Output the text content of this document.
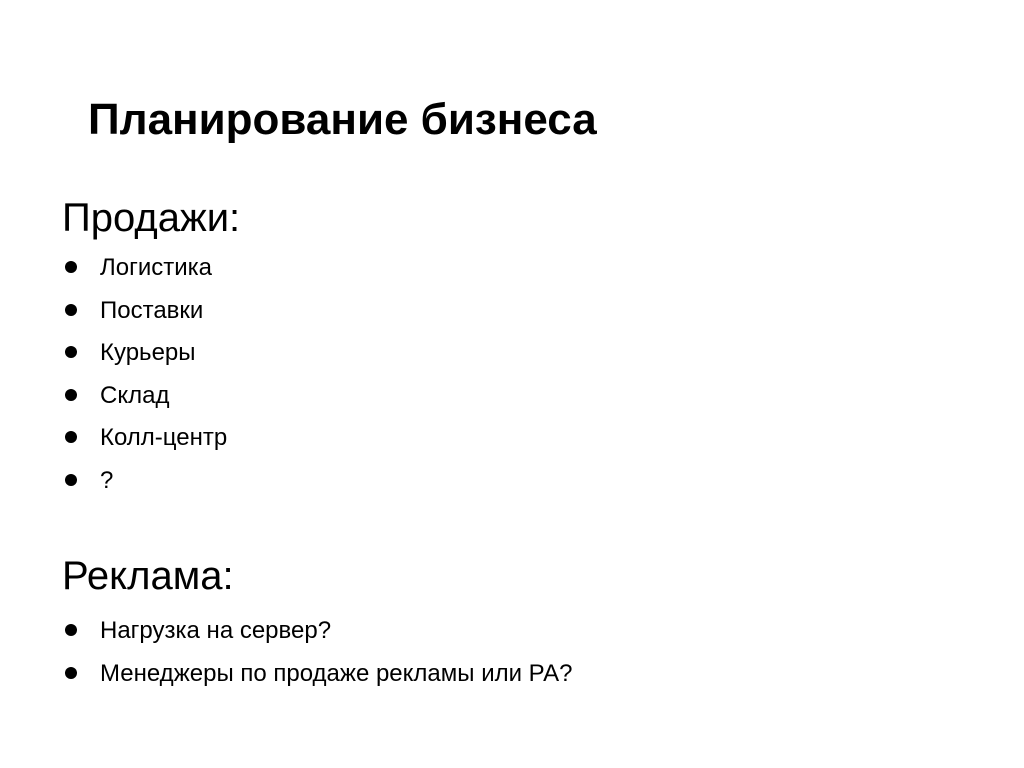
Планирование бизнеса
Продажи:
Логистика
Поставки
Курьеры
Склад
Колл-центр
?
Реклама:
Нагрузка на сервер?
Менеджеры по продаже рекламы или РА?
